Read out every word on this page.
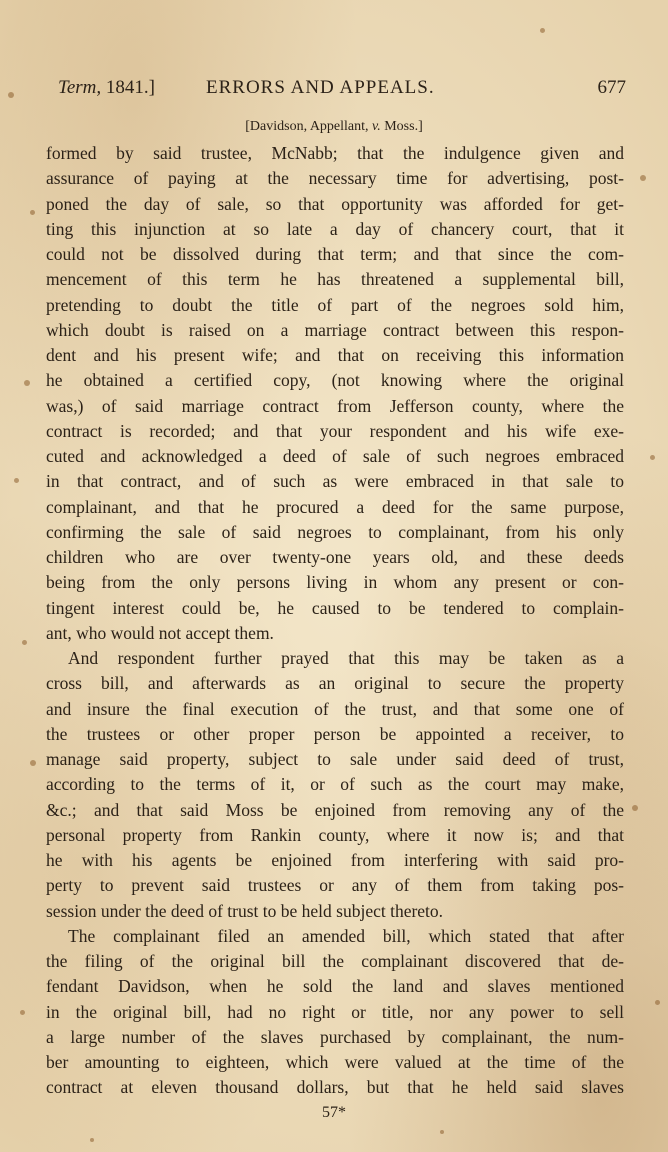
Term, 1841.]	ERRORS AND APPEALS.	677
[Davidson, Appellant, v. Moss.]
formed by said trustee, McNabb; that the indulgence given and
assurance of paying at the necessary time for advertising, post-
poned the day of sale, so that opportunity was afforded for get-
ting this injunction at so late a day of chancery court, that it
could not be dissolved during that term; and that since the com-
mencement of this term he has threatened a supplemental bill,
pretending to doubt the title of part of the negroes sold him,
which doubt is raised on a marriage contract between this respon-
dent and his present wife; and that on receiving this information
he obtained a certified copy, (not knowing where the original
was,) of said marriage contract from Jefferson county, where the
contract is recorded; and that your respondent and his wife exe-
cuted and acknowledged a deed of sale of such negroes embraced
in that contract, and of such as were embraced in that sale to
complainant, and that he procured a deed for the same purpose,
confirming the sale of said negroes to complainant, from his only
children who are over twenty-one years old, and these deeds
being from the only persons living in whom any present or con-
tingent interest could be, he caused to be tendered to complain-
ant, who would not accept them.
And respondent further prayed that this may be taken as a
cross bill, and afterwards as an original to secure the property
and insure the final execution of the trust, and that some one of
the trustees or other proper person be appointed a receiver, to
manage said property, subject to sale under said deed of trust,
according to the terms of it, or of such as the court may make,
&c.; and that said Moss be enjoined from removing any of the
personal property from Rankin county, where it now is; and that
he with his agents be enjoined from interfering with said pro-
perty to prevent said trustees or any of them from taking pos-
session under the deed of trust to be held subject thereto.
The complainant filed an amended bill, which stated that after
the filing of the original bill the complainant discovered that de-
fendant Davidson, when he sold the land and slaves mentioned
in the original bill, had no right or title, nor any power to sell
a large number of the slaves purchased by complainant, the num-
ber amounting to eighteen, which were valued at the time of the
contract at eleven thousand dollars, but that he held said slaves
57*
